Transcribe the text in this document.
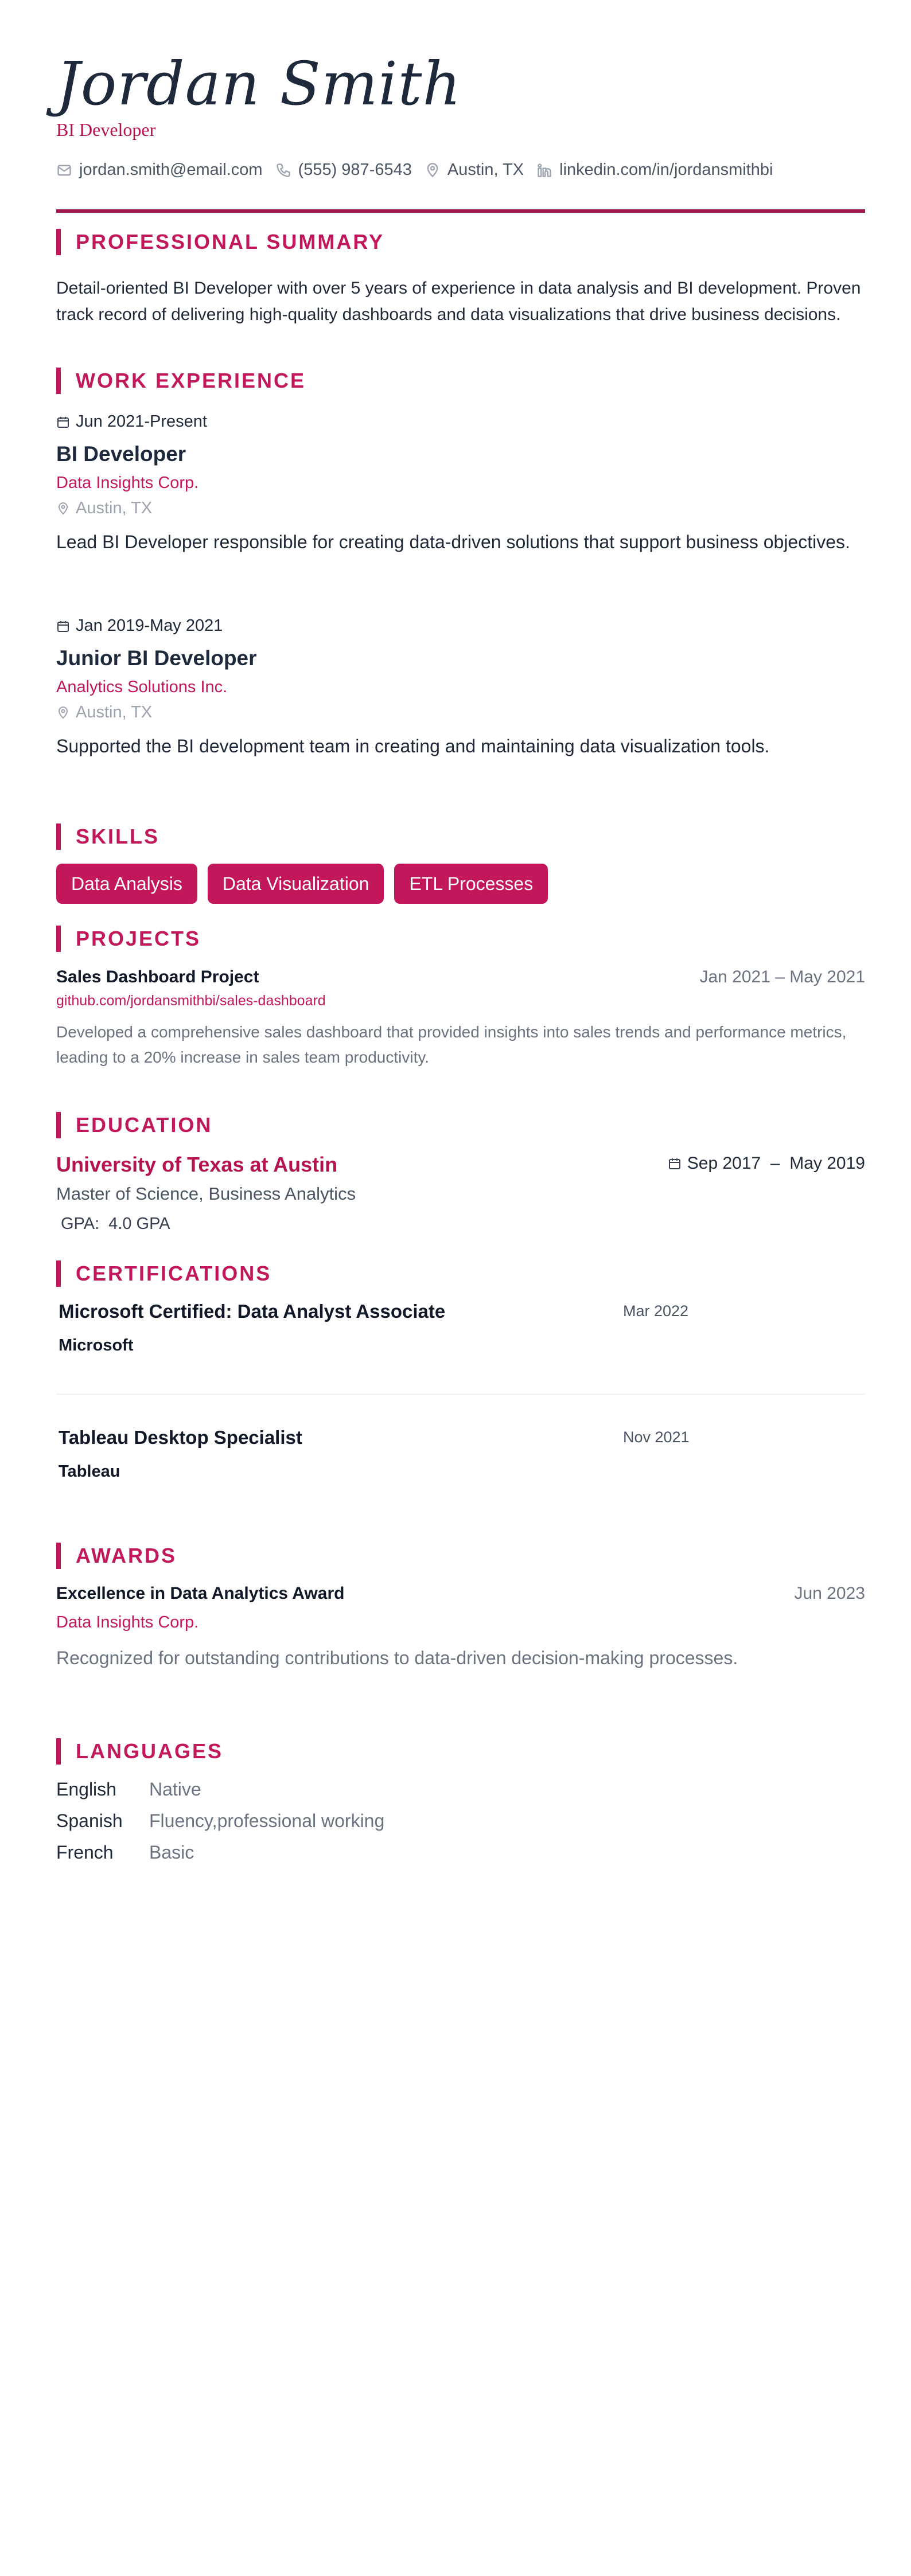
Jordan Smith
BI Developer
jordan.smith@email.com (555) 987-6543 Austin, TX linkedin.com/in/jordansmithbi
PROFESSIONAL SUMMARY
Detail-oriented BI Developer with over 5 years of experience in data analysis and BI development. Proven track record of delivering high-quality dashboards and data visualizations that drive business decisions.
WORK EXPERIENCE
Jun 2021-Present
BI Developer
Data Insights Corp.
Austin, TX
Lead BI Developer responsible for creating data-driven solutions that support business objectives.
Jan 2019-May 2021
Junior BI Developer
Analytics Solutions Inc.
Austin, TX
Supported the BI development team in creating and maintaining data visualization tools.
SKILLS
Data Analysis	Data Visualization	ETL Processes
PROJECTS
Sales Dashboard Project	Jan 2021 – May 2021
github.com/jordansmithbi/sales-dashboard
Developed a comprehensive sales dashboard that provided insights into sales trends and performance metrics, leading to a 20% increase in sales team productivity.
EDUCATION
University of Texas at Austin	Sep 2017  –  May 2019
Master of Science, Business Analytics
GPA: 4.0 GPA
CERTIFICATIONS
Microsoft Certified: Data Analyst Associate	Mar 2022
Microsoft
Tableau Desktop Specialist	Nov 2021
Tableau
AWARDS
Excellence in Data Analytics Award	Jun 2023
Data Insights Corp.
Recognized for outstanding contributions to data-driven decision-making processes.
LANGUAGES
English	Native
Spanish	Fluency,professional working
French	Basic
